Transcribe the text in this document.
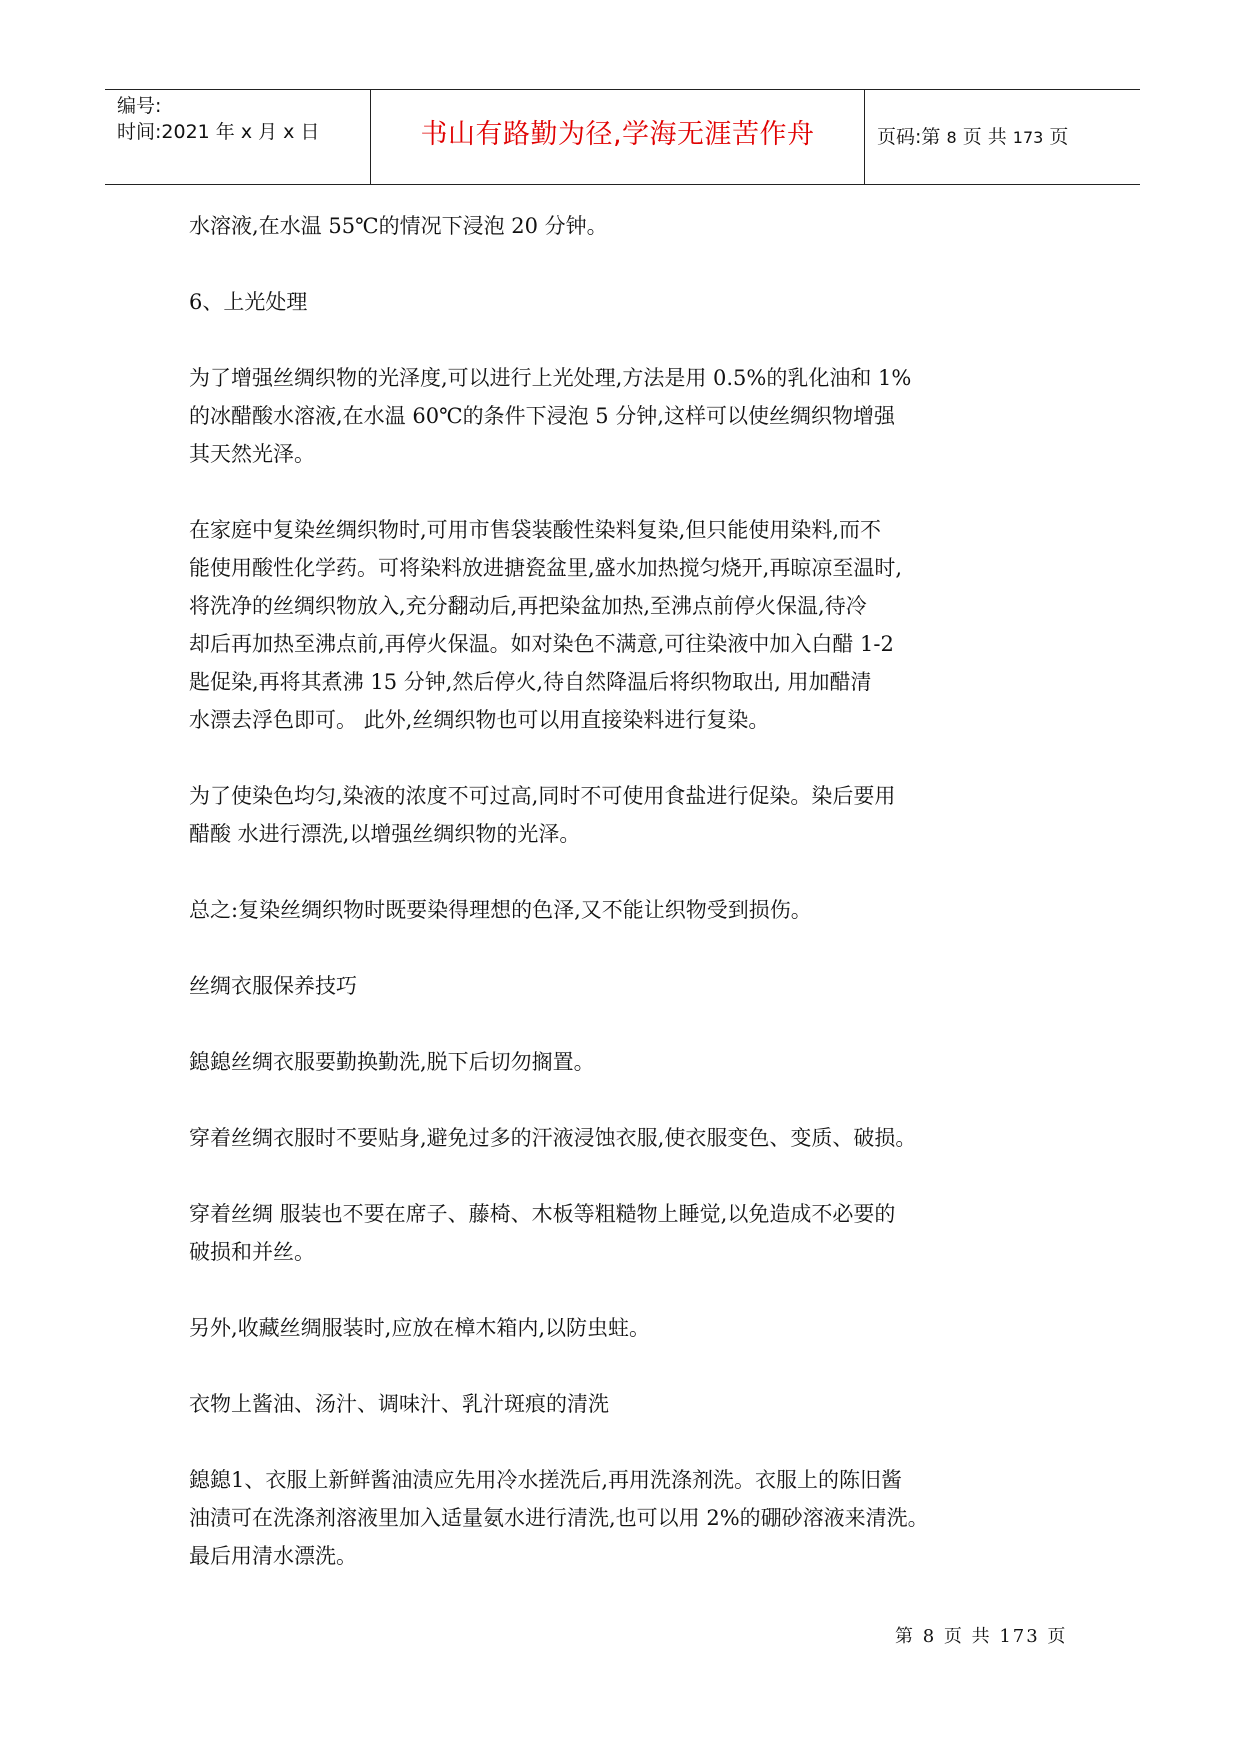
编号:
时间:2021 年 x 月 x 日	书山有路勤为径,学海无涯苦作舟	页码:第 8 页 共 173 页
水溶液,在水温 55℃的情况下浸泡 20 分钟。
6、上光处理
为了增强丝绸织物的光泽度,可以进行上光处理,方法是用 0.5%的乳化油和 1%
的冰醋酸水溶液,在水温 60℃的条件下浸泡 5 分钟,这样可以使丝绸织物增强
其天然光泽。
在家庭中复染丝绸织物时,可用市售袋装酸性染料复染,但只能使用染料,而不
能使用酸性化学药。可将染料放进搪瓷盆里,盛水加热搅匀烧开,再晾凉至温时,
将洗净的丝绸织物放入,充分翻动后,再把染盆加热,至沸点前停火保温,待冷
却后再加热至沸点前,再停火保温。如对染色不满意,可往染液中加入白醋 1-2
匙促染,再将其煮沸 15 分钟,然后停火,待自然降温后将织物取出, 用加醋清
水漂去浮色即可。 此外,丝绸织物也可以用直接染料进行复染。
为了使染色均匀,染液的浓度不可过高,同时不可使用食盐进行促染。染后要用
醋酸 水进行漂洗,以增强丝绸织物的光泽。
总之:复染丝绸织物时既要染得理想的色泽,又不能让织物受到损伤。
丝绸衣服保养技巧
鎴鎴丝绸衣服要勤换勤洗,脱下后切勿搁置。
穿着丝绸衣服时不要贴身,避免过多的汗液浸蚀衣服,使衣服变色、变质、破损。
穿着丝绸 服装也不要在席子、藤椅、木板等粗糙物上睡觉,以免造成不必要的
破损和并丝。
另外,收藏丝绸服装时,应放在樟木箱内,以防虫蛀。
衣物上酱油、汤汁、调味汁、乳汁斑痕的清洗
鎴鎴1、衣服上新鲜酱油渍应先用冷水搓洗后,再用洗涤剂洗。衣服上的陈旧酱
油渍可在洗涤剂溶液里加入适量氨水进行清洗,也可以用 2%的硼砂溶液来清洗。
最后用清水漂洗。
第 8 页 共 173 页
